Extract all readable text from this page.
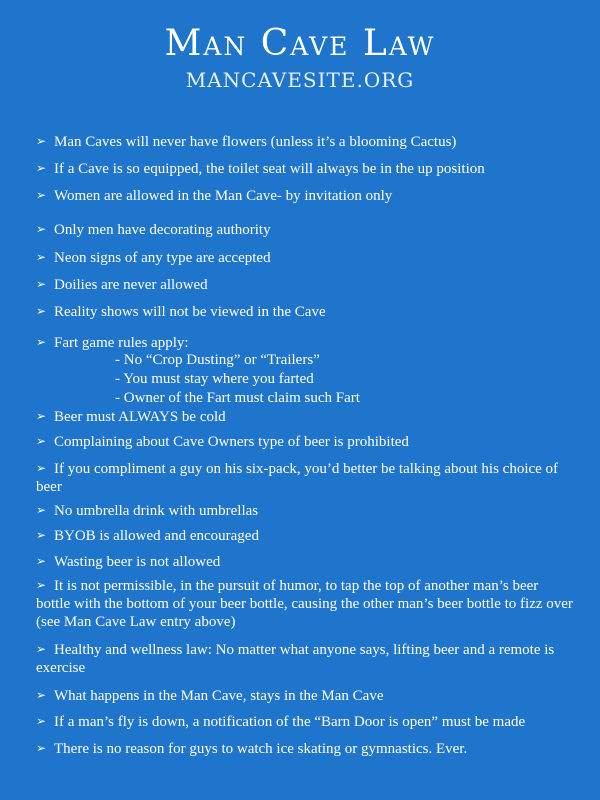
Man Cave Law
MANCAVESITE.ORG
➢ Man Caves will never have flowers (unless it’s a blooming Cactus)
➢ If a Cave is so equipped, the toilet seat will always be in the up position
➢ Women are allowed in the Man Cave- by invitation only
➢ Only men have decorating authority
➢ Neon signs of any type are accepted
➢ Doilies are never allowed
➢ Reality shows will not be viewed in the Cave
➢ Fart game rules apply:
- No “Crop Dusting” or “Trailers”
- You must stay where you farted
- Owner of the Fart must claim such Fart
➢ Beer must ALWAYS be cold
➢ Complaining about Cave Owners type of beer is prohibited
➢ If you compliment a guy on his six-pack, you’d better be talking about his choice of beer
➢ No umbrella drink with umbrellas
➢ BYOB is allowed and encouraged
➢ Wasting beer is not allowed
➢ It is not permissible, in the pursuit of humor, to tap the top of another man’s beer bottle with the bottom of your beer bottle, causing the other man’s beer bottle to fizz over (see Man Cave Law entry above)
➢ Healthy and wellness law: No matter what anyone says, lifting beer and a remote is exercise
➢ What happens in the Man Cave, stays in the Man Cave
➢ If a man’s fly is down, a notification of the “Barn Door is open” must be made
➢ There is no reason for guys to watch ice skating or gymnastics. Ever.
